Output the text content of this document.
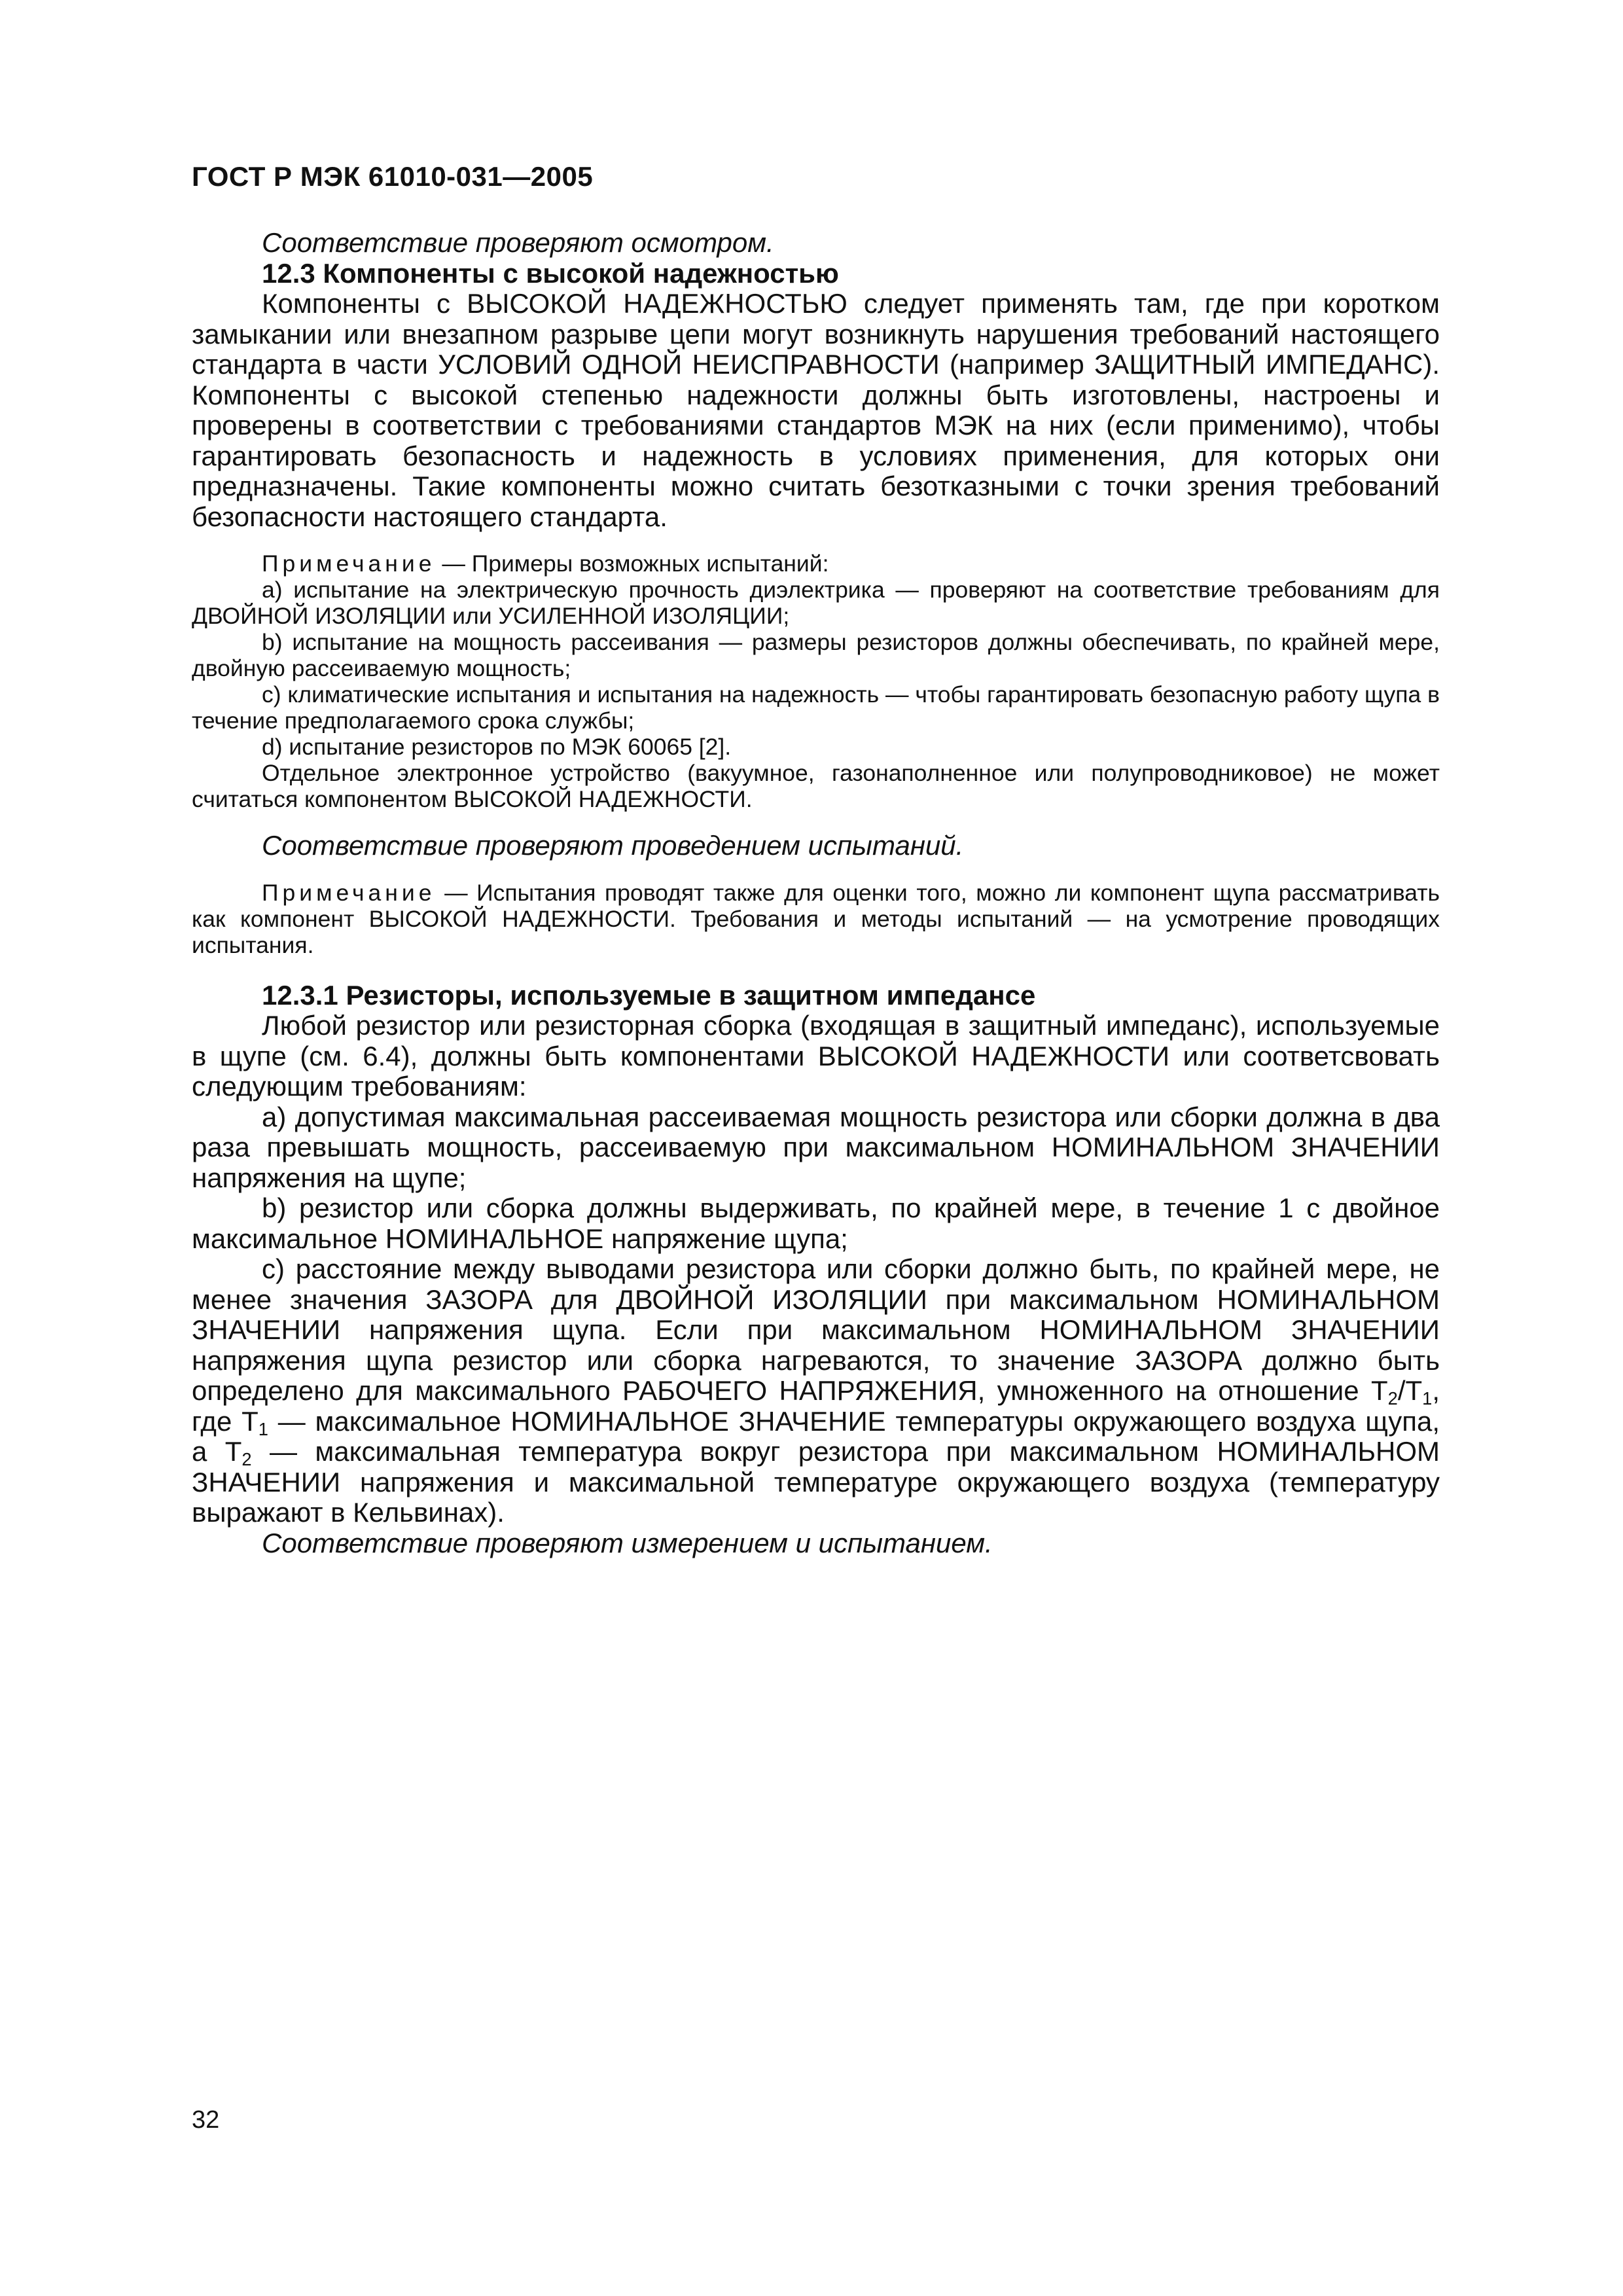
ГОСТ Р МЭК 61010-031—2005

Соответствие проверяют осмотром.

12.3 Компоненты с высокой надежностью

Компоненты с ВЫСОКОЙ НАДЕЖНОСТЬЮ следует применять там, где при коротком замыкании или внезапном разрыве цепи могут возникнуть нарушения требований настоящего стандарта в части УСЛОВИЙ ОДНОЙ НЕИСПРАВНОСТИ (например ЗАЩИТНЫЙ ИМПЕДАНС). Компоненты с высокой степенью надежности должны быть изготовлены, настроены и проверены в соответствии с требованиями стандартов МЭК на них (если применимо), чтобы гарантировать безопасность и надежность в условиях применения, для которых они предназначены. Такие компоненты можно считать безотказными с точки зрения требований безопасности настоящего стандарта.

Примечание — Примеры возможных испытаний:

a) испытание на электрическую прочность диэлектрика — проверяют на соответствие требованиям для ДВОЙНОЙ ИЗОЛЯЦИИ или УСИЛЕННОЙ ИЗОЛЯЦИИ;

b) испытание на мощность рассеивания — размеры резисторов должны обеспечивать, по крайней мере, двойную рассеиваемую мощность;

c) климатические испытания и испытания на надежность — чтобы гарантировать безопасную работу щупа в течение предполагаемого срока службы;

d) испытание резисторов по МЭК 60065 [2].

Отдельное электронное устройство (вакуумное, газонаполненное или полупроводниковое) не может считаться компонентом ВЫСОКОЙ НАДЕЖНОСТИ.

Соответствие проверяют проведением испытаний.

Примечание — Испытания проводят также для оценки того, можно ли компонент щупа рассматривать как компонент ВЫСОКОЙ НАДЕЖНОСТИ. Требования и методы испытаний — на усмотрение проводящих испытания.

12.3.1 Резисторы, используемые в защитном импедансе

Любой резистор или резисторная сборка (входящая в защитный импеданс), используемые в щупе (см. 6.4), должны быть компонентами ВЫСОКОЙ НАДЕЖНОСТИ или соответсвовать следующим требованиям:

a) допустимая максимальная рассеиваемая мощность резистора или сборки должна в два раза превышать мощность, рассеиваемую при максимальном НОМИНАЛЬНОМ ЗНАЧЕНИИ напряжения на щупе;

b) резистор или сборка должны выдерживать, по крайней мере, в течение 1 с двойное максимальное НОМИНАЛЬНОЕ напряжение щупа;

c) расстояние между выводами резистора или сборки должно быть, по крайней мере, не менее значения ЗАЗОРА для ДВОЙНОЙ ИЗОЛЯЦИИ при максимальном НОМИНАЛЬНОМ ЗНАЧЕНИИ напряжения щупа. Если при максимальном НОМИНАЛЬНОМ ЗНАЧЕНИИ напряжения щупа резистор или сборка нагреваются, то значение ЗАЗОРА должно быть определено для максимального РАБОЧЕГО НАПРЯЖЕНИЯ, умноженного на отношение $T_2/T_1$, где $T_1$ — максимальное НОМИНАЛЬНОЕ ЗНАЧЕНИЕ температуры окружающего воздуха щупа, а $T_2$ — максимальная температура вокруг резистора при максимальном НОМИНАЛЬНОМ ЗНАЧЕНИИ напряжения и максимальной температуре окружающего воздуха (температуру выражают в Кельвинах).

Соответствие проверяют измерением и испытанием.

32
